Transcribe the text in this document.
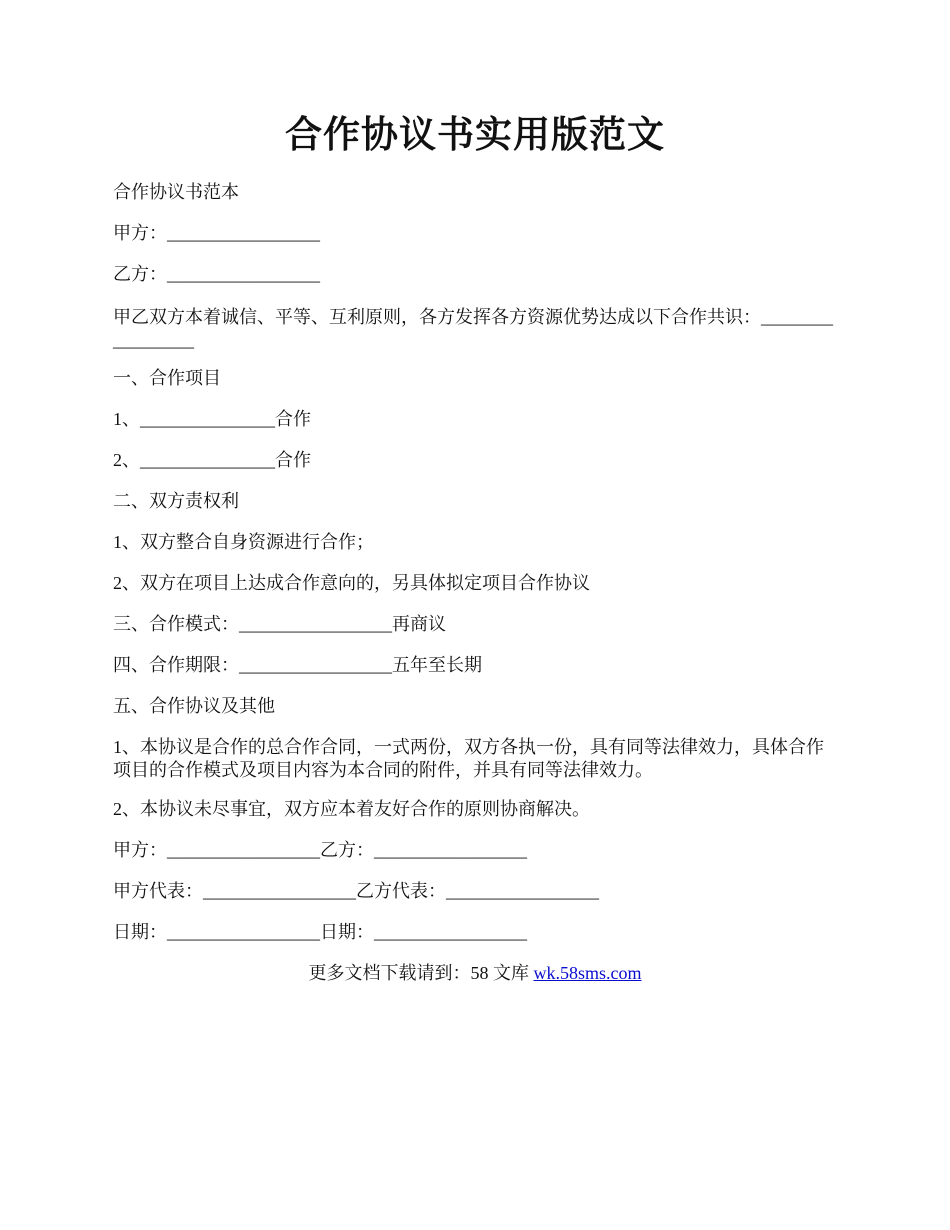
合作协议书实用版范文
合作协议书范本
甲方：_________________
乙方：_________________
甲乙双方本着诚信、平等、互利原则，各方发挥各方资源优势达成以下合作共识：_________________
一、合作项目
1、_______________合作
2、_______________合作
二、双方责权利
1、双方整合自身资源进行合作；
2、双方在项目上达成合作意向的，另具体拟定项目合作协议
三、合作模式：_________________再商议
四、合作期限：_________________五年至长期
五、合作协议及其他
1、本协议是合作的总合作合同，一式两份，双方各执一份，具有同等法律效力，具体合作项目的合作模式及项目内容为本合同的附件，并具有同等法律效力。
2、本协议未尽事宜，双方应本着友好合作的原则协商解决。
甲方：_________________乙方：_________________
甲方代表：_________________乙方代表：_________________
日期：_________________日期：_________________
更多文档下载请到：58 文库 wk.58sms.com
